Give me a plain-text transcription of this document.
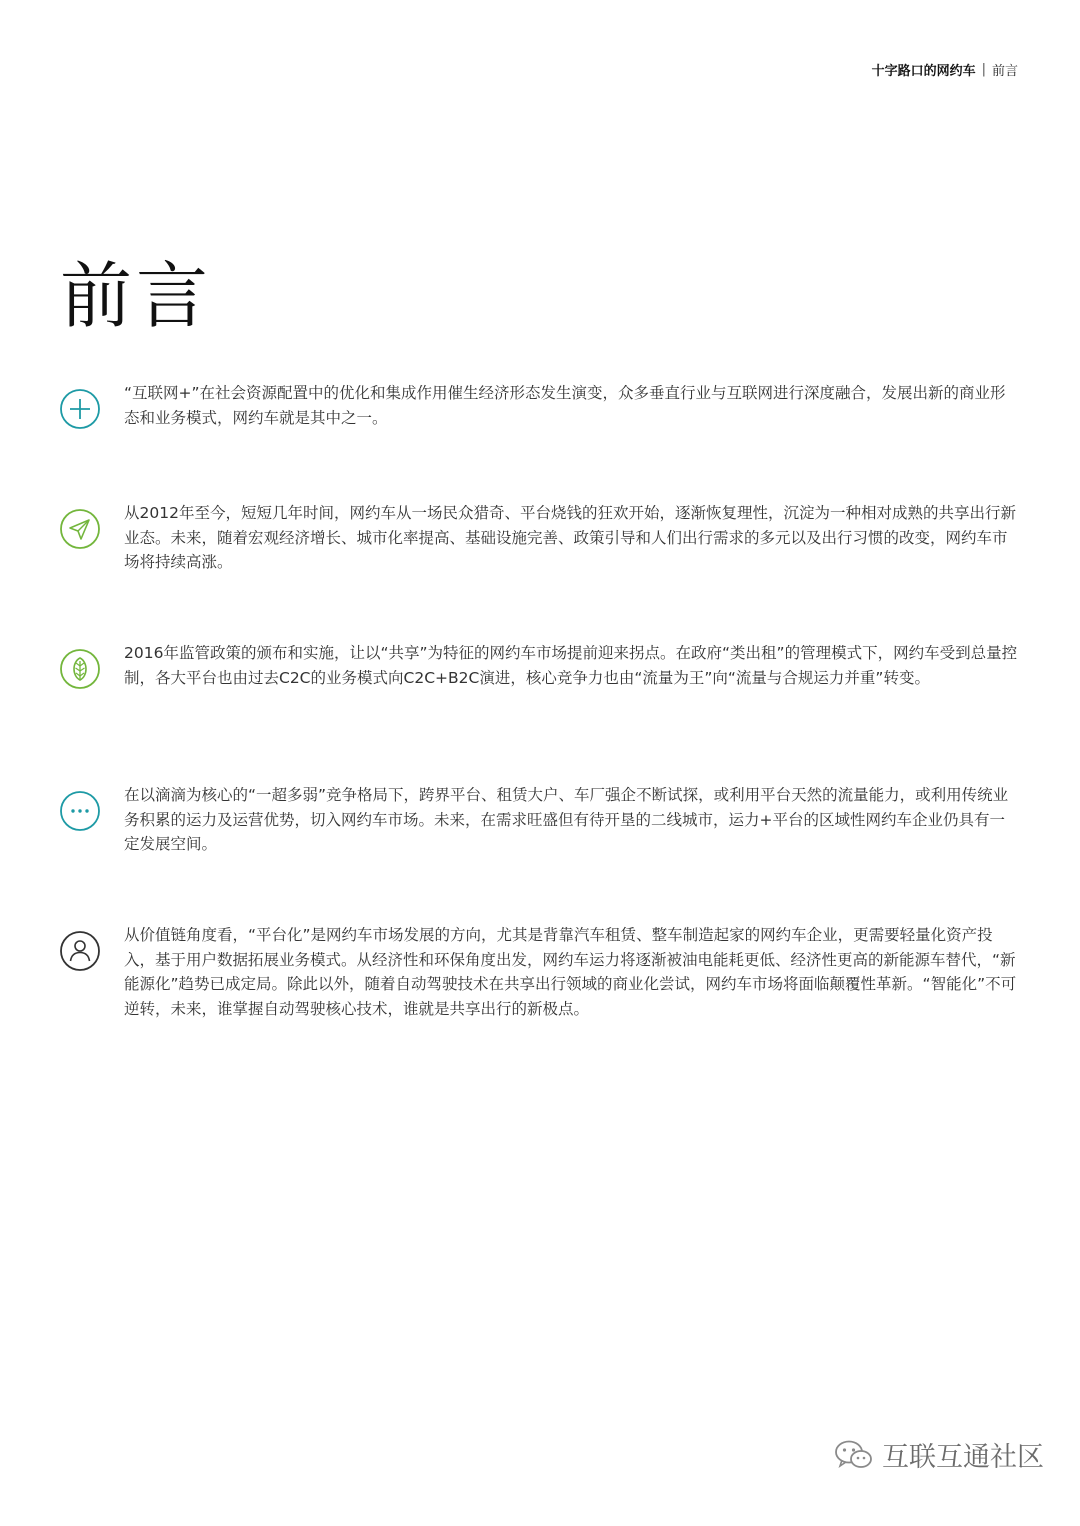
十字路口的网约车 | 前言
前言

“互联网+”在社会资源配置中的优化和集成作用催生经济形态发生演变，众多垂直行业与互联网进行深度融合，发展出新的商业形态和业务模式，网约车就是其中之一。

从2012年至今，短短几年时间，网约车从一场民众猎奇、平台烧钱的狂欢开始，逐渐恢复理性，沉淀为一种相对成熟的共享出行新业态。未来，随着宏观经济增长、城市化率提高、基础设施完善、政策引导和人们出行需求的多元以及出行习惯的改变，网约车市场将持续高涨。

2016年监管政策的颁布和实施，让以“共享”为特征的网约车市场提前迎来拐点。在政府“类出租”的管理模式下，网约车受到总量控制，各大平台也由过去C2C的业务模式向C2C+B2C演进，核心竞争力也由“流量为王”向“流量与合规运力并重”转变。

在以滴滴为核心的“一超多弱”竞争格局下，跨界平台、租赁大户、车厂强企不断试探，或利用平台天然的流量能力，或利用传统业务积累的运力及运营优势，切入网约车市场。未来，在需求旺盛但有待开垦的二线城市，运力+平台的区域性网约车企业仍具有一定发展空间。

从价值链角度看，“平台化”是网约车市场发展的方向，尤其是背靠汽车租赁、整车制造起家的网约车企业，更需要轻量化资产投入，基于用户数据拓展业务模式。从经济性和环保角度出发，网约车运力将逐渐被油电能耗更低、经济性更高的新能源车替代，“新能源化”趋势已成定局。除此以外，随着自动驾驶技术在共享出行领域的商业化尝试，网约车市场将面临颠覆性革新。“智能化”不可逆转，未来，谁掌握自动驾驶核心技术，谁就是共享出行的新极点。

互联互通社区
